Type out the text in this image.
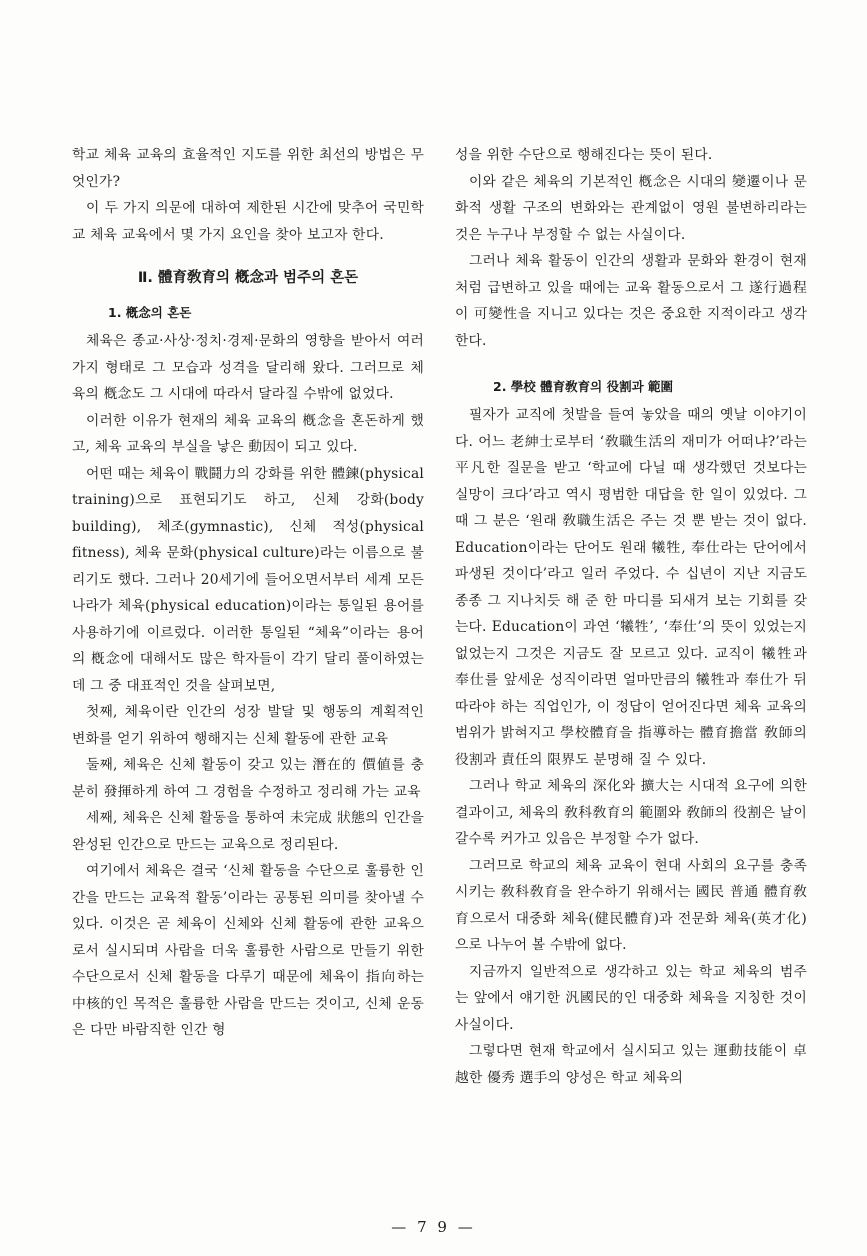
학교 체육 교육의 효율적인 지도를 위한 최선의 방법은 무엇인가?

이 두 가지 의문에 대하여 제한된 시간에 맞추어 국민학교 체육 교육에서 몇 가지 요인을 찾아 보고자 한다.

Ⅱ. 體育敎育의 槪念과 범주의 혼돈
1. 槪念의 혼돈

체육은 종교·사상·정치·경제·문화의 영향을 받아서 여러 가지 형태로 그 모습과 성격을 달리해 왔다. 그러므로 체육의 槪念도 그 시대에 따라서 달라질 수밖에 없었다.

이러한 이유가 현재의 체육 교육의 槪念을 혼돈하게 했고, 체육 교육의 부실을 낳은 動因이 되고 있다.

어떤 때는 체육이 戰鬪力의 강화를 위한 體鍊(physical training)으로 표현되기도 하고, 신체 강화(body building), 체조(gymnastic), 신체 적성(physical fitness), 체육 문화(physical culture)라는 이름으로 불리기도 했다. 그러나 20세기에 들어오면서부터 세계 모든 나라가 체육(physical education)이라는 통일된 용어를 사용하기에 이르렀다. 이러한 통일된 “체육”이라는 용어의 槪念에 대해서도 많은 학자들이 각기 달리 풀이하였는데 그 중 대표적인 것을 살펴보면,

첫째, 체육이란 인간의 성장 발달 및 행동의 계획적인 변화를 얻기 위하여 행해지는 신체 활동에 관한 교육

둘째, 체육은 신체 활동이 갖고 있는 潛在的 價値를 충분히 發揮하게 하여 그 경험을 수정하고 정리해 가는 교육

세째, 체육은 신체 활동을 통하여 未完成 狀態의 인간을 완성된 인간으로 만드는 교육으로 정리된다.

여기에서 체육은 결국 ‘신체 활동을 수단으로 훌륭한 인간을 만드는 교육적 활동’이라는 공통된 의미를 찾아낼 수 있다. 이것은 곧 체육이 신체와 신체 활동에 관한 교육으로서 실시되며 사람을 더욱 훌륭한 사람으로 만들기 위한 수단으로서 신체 활동을 다루기 때문에 체육이 指向하는 中核的인 목적은 훌륭한 사람을 만드는 것이고, 신체 운동은 다만 바람직한 인간 형

성을 위한 수단으로 행해진다는 뜻이 된다.

이와 같은 체육의 기본적인 槪念은 시대의 變遷이나 문화적 생활 구조의 변화와는 관계없이 영원 불변하리라는 것은 누구나 부정할 수 없는 사실이다.

그러나 체육 활동이 인간의 생활과 문화와 환경이 현재처럼 급변하고 있을 때에는 교육 활동으로서 그 遂行過程이 可變性을 지니고 있다는 것은 중요한 지적이라고 생각한다.

2. 學校 體育敎育의 役割과 範圍

필자가 교직에 첫발을 들여 놓았을 때의 옛날 이야기이다. 어느 老紳士로부터 ‘敎職生活의 재미가 어떠냐?’라는 平凡한 질문을 받고 ‘학교에 다닐 때 생각했던 것보다는 실망이 크다’라고 역시 평범한 대답을 한 일이 있었다. 그 때 그 분은 ‘원래 敎職生活은 주는 것 뿐 받는 것이 없다. Education이라는 단어도 원래 犧牲, 奉仕라는 단어에서 파생된 것이다’라고 일러 주었다. 수 십년이 지난 지금도 종종 그 지나치듯 해 준 한 마디를 되새겨 보는 기회를 갖는다. Education이 과연 ‘犧牲’, ‘奉仕’의 뜻이 있었는지 없었는지 그것은 지금도 잘 모르고 있다. 교직이 犧牲과 奉仕를 앞세운 성직이라면 얼마만큼의 犧牲과 奉仕가 뒤따라야 하는 직업인가, 이 정답이 얻어진다면 체육 교육의 범위가 밝혀지고 學校體育을 指導하는 體育擔當 敎師의 役割과 責任의 限界도 분명해 질 수 있다.

그러나 학교 체육의 深化와 擴大는 시대적 요구에 의한 결과이고, 체육의 敎科敎育의 範圍와 敎師의 役割은 날이 갈수록 커가고 있음은 부정할 수가 없다.

그러므로 학교의 체육 교육이 현대 사회의 요구를 충족시키는 敎科敎育을 완수하기 위해서는 國民 普通 體育敎育으로서 대중화 체육(健民體育)과 전문화 체육(英才化)으로 나누어 볼 수밖에 없다.

지금까지 일반적으로 생각하고 있는 학교 체육의 범주는 앞에서 얘기한 汎國民的인 대중화 체육을 지칭한 것이 사실이다.

그렇다면 현재 학교에서 실시되고 있는 運動技能이 卓越한 優秀 選手의 양성은 학교 체육의

— 7 9 —
